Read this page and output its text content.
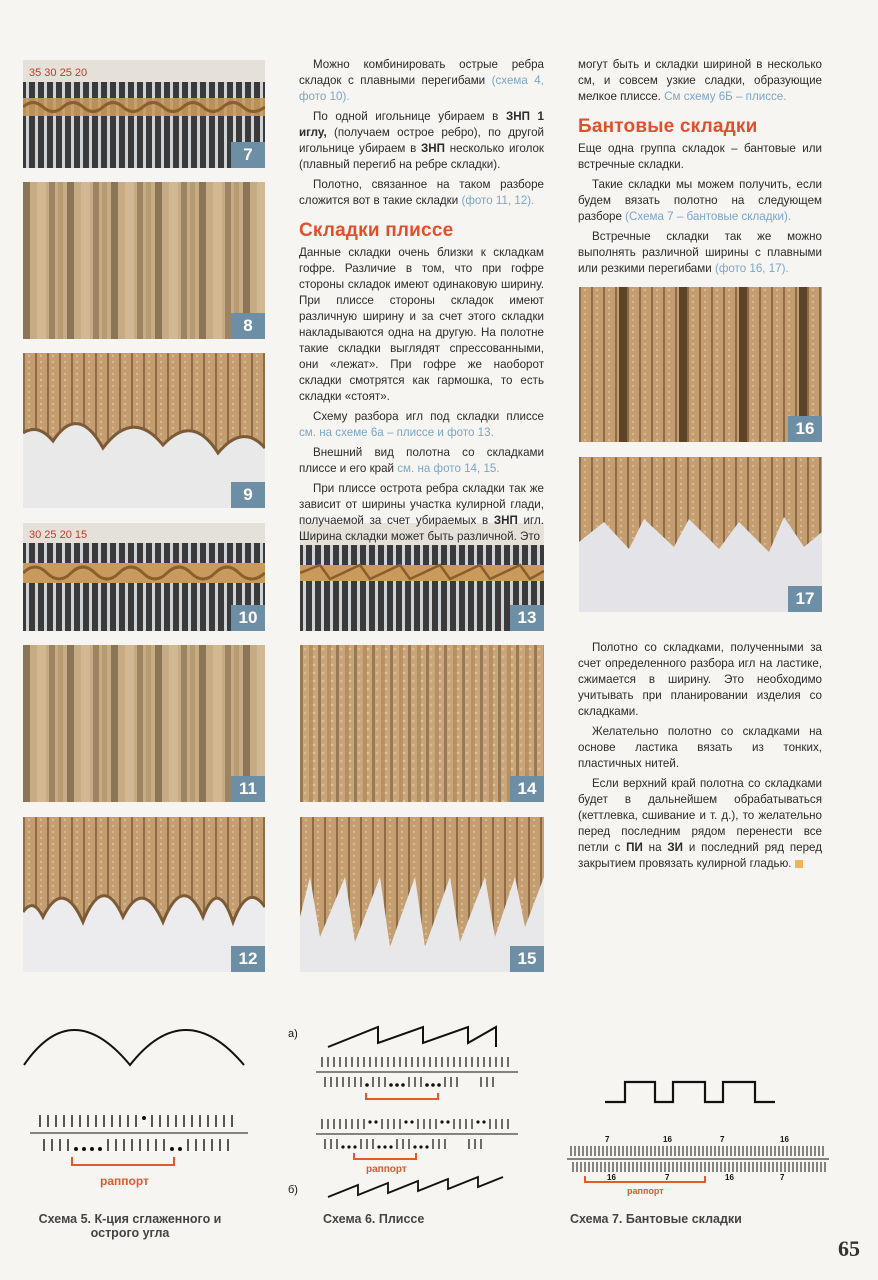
35 30 25 20
7
8
9
30 25 20 15
10
11
12
13
14
15
16
17

Можно комбинировать острые ребра складок с плавными перегибами (схема 4, фото 10).

По одной игольнице убираем в ЗНП 1 иглу, (получаем острое ребро), по другой игольнице убираем в ЗНП несколько иголок (плавный перегиб на ребре складки).

Полотно, связанное на таком разборе сложится вот в такие складки (фото 11, 12).

Складки плиссе

Данные складки очень близки к складкам гофре. Различие в том, что при гофре стороны складок имеют одинаковую ширину. При плиссе стороны складок имеют различную ширину и за счет этого складки накладываются одна на другую. На полотне такие складки выглядят спрессованными, они «лежат». При гофре же наоборот складки смотрятся как гармошка, то есть складки «стоят».

Схему разбора игл под складки плиссе см. на схеме 6а – плиссе и фото 13.

Внешний вид полотна со складками плиссе и его край см. на фото 14, 15.

При плиссе острота ребра складки так же зависит от ширины участка кулирной глади, получаемой за счет убираемых в ЗНП игл. Ширина складки может быть различной. Это

могут быть и складки шириной в несколько см, и совсем узкие сладки, образующие мелкое плиссе. См схему 6Б – плиссе.

Бантовые складки

Еще одна группа складок – бантовые или встречные складки.

Такие складки мы можем получить, если будем вязать полотно на следующем разборе (Схема 7 – бантовые складки).

Встречные складки так же можно выполнять различной ширины с плавными или резкими перегибами (фото 16, 17).

Полотно со складками, полученными за счет определенного разбора игл на ластике, сжимается в ширину. Это необходимо учитывать при планировании изделия со складками.

Желательно полотно со складками на основе ластика вязать из тонких, пластичных нитей.

Если верхний край полотна со складками будет в дальнейшем обрабатываться (кеттлевка, сшивание и т. д.), то желательно перед последним рядом перенести все петли с ПИ на ЗИ и последний ряд перед закрытием провязать кулирной гладью.

раппорт
а)
раппорт
б)
7	16	7	16
16	7	16	7
раппорт
Схема 5. К-ция сглаженного и острого угла
Схема 6. Плиссе	Схема 7. Бантовые складки
65
